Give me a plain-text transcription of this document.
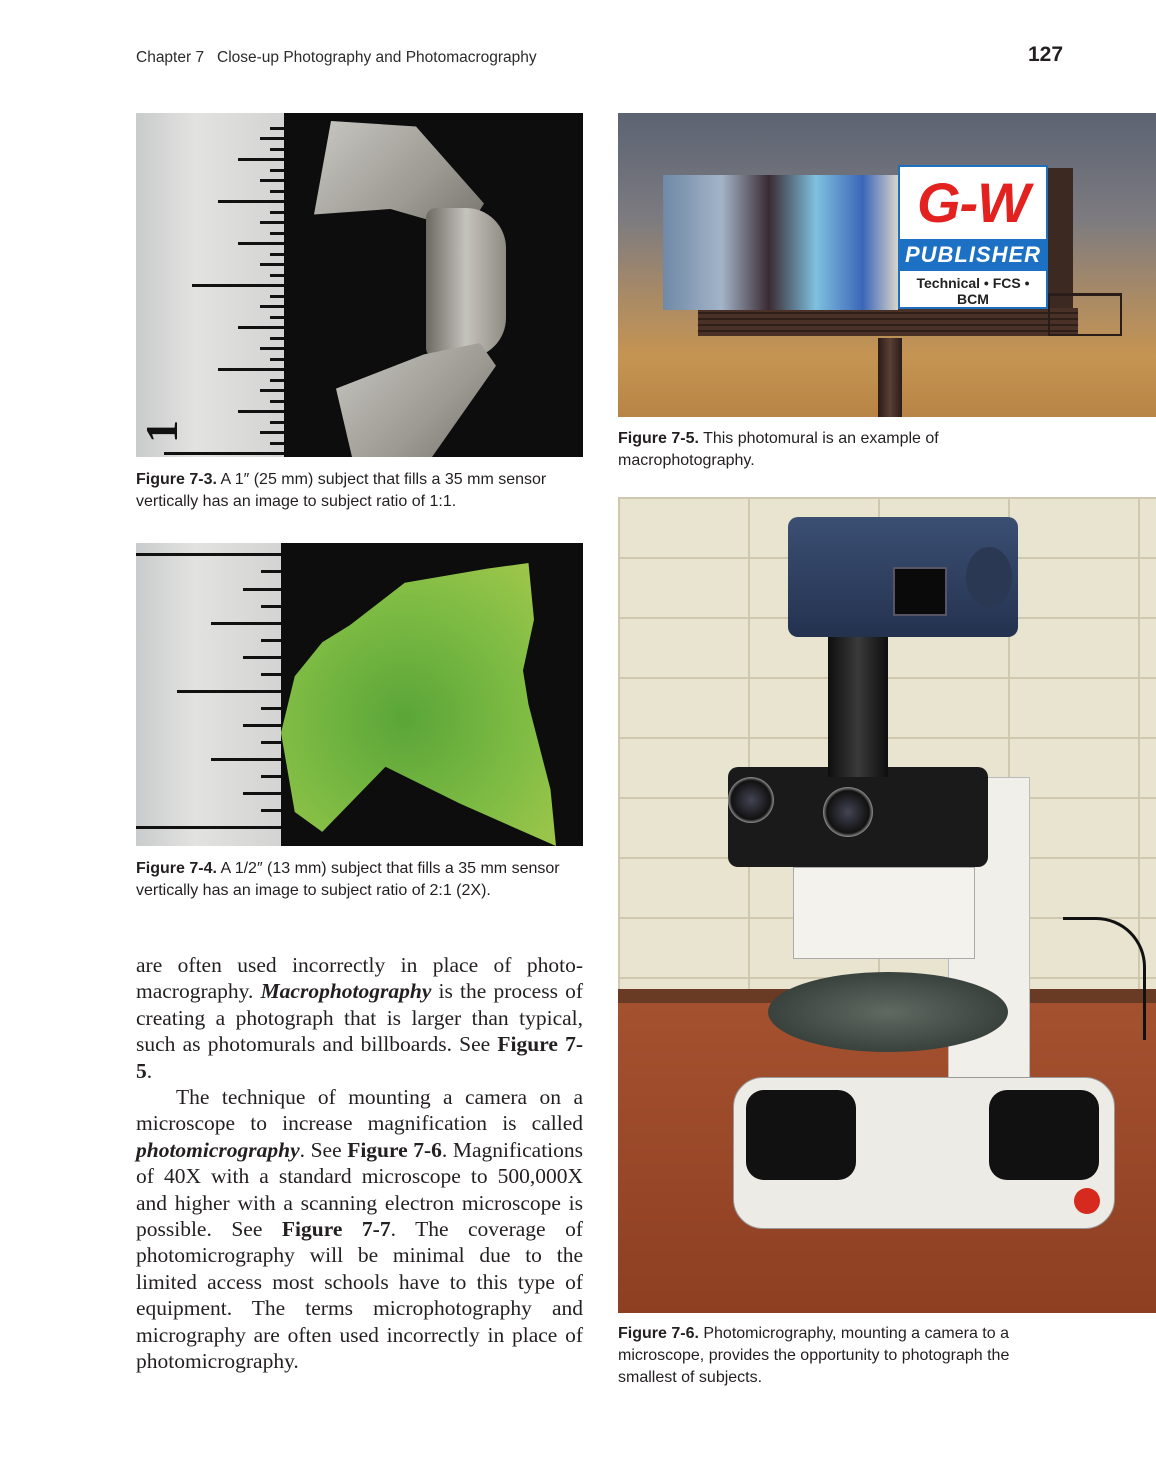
Chapter 7 Close-up Photography and Photomacrography	127
1
Figure 7-3. A 1″ (25 mm) subject that fills a 35 mm sensor vertically has an image to subject ratio of 1:1.
Figure 7-4. A 1/2″ (13 mm) subject that fills a 35 mm sensor vertically has an image to subject ratio of 2:1 (2X).

are often used incorrectly in place of photomacrography. Macrophotography is the process of creating a photograph that is larger than typical, such as photomurals and billboards. See Figure 7-5.

The technique of mounting a camera on a microscope to increase magnification is called photomicrography. See Figure 7-6. Magnifications of 40X with a standard microscope to 500,000X and higher with a scanning electron microscope is possible. See Figure 7-7. The coverage of photomicrography will be minimal due to the limited access most schools have to this type of equipment. The terms microphotography and micrography are often used incorrectly in place of photomicrography.

G-W
PUBLISHER
Technical • FCS • BCM
Figure 7-5. This photomural is an example of macrophotography.
Figure 7-6. Photomicrography, mounting a camera to a microscope, provides the opportunity to photograph the smallest of subjects.
